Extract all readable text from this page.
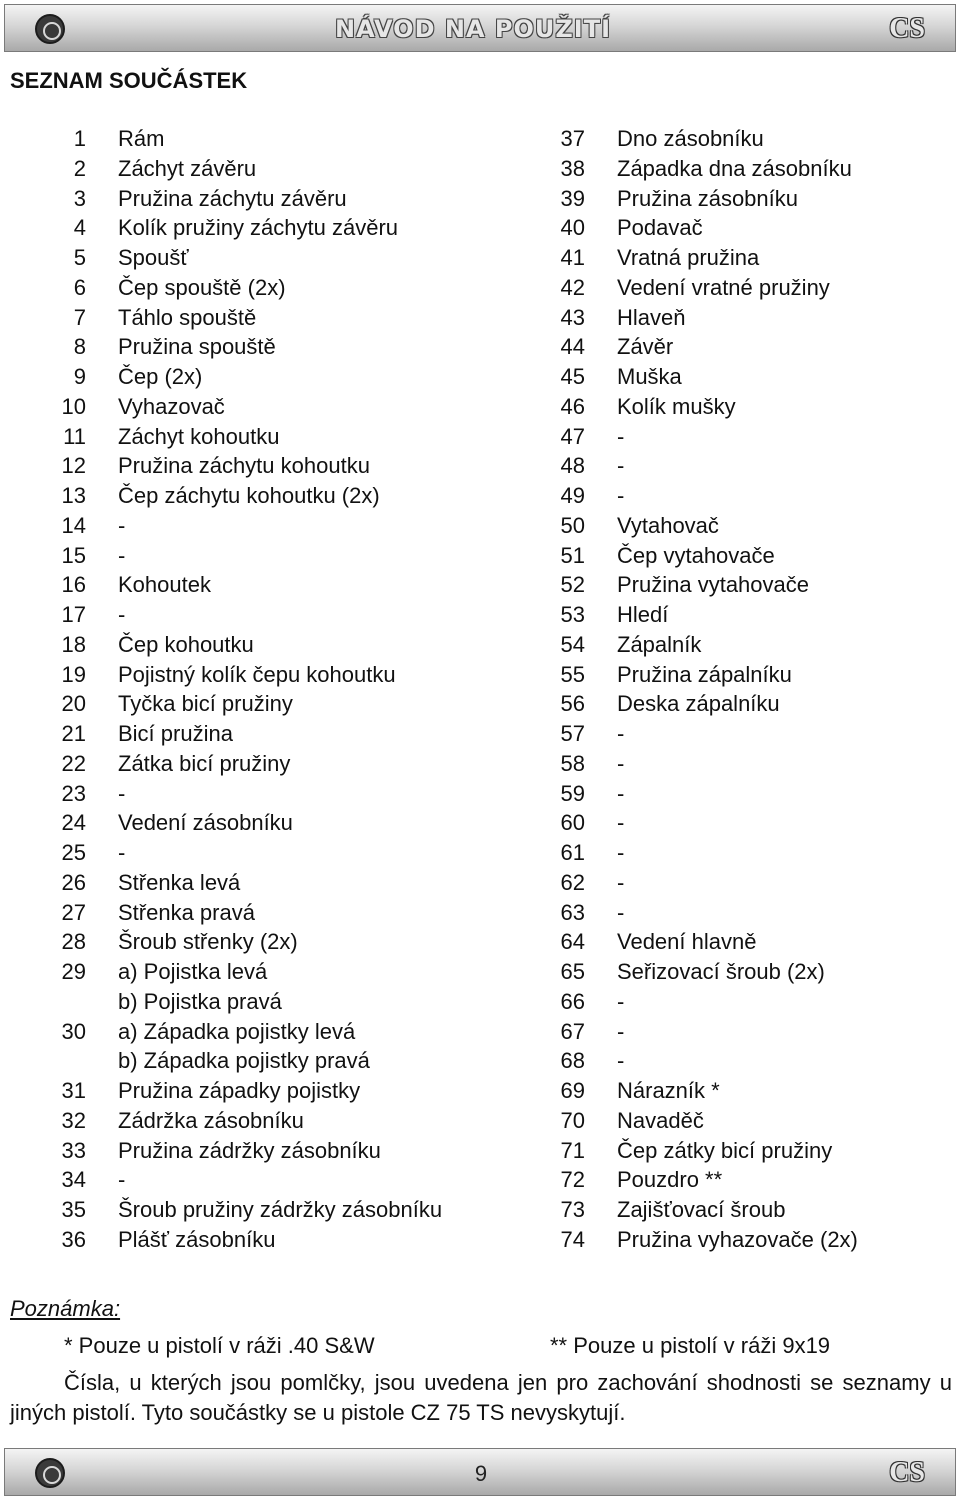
NÁVOD NA POUŽITÍ	CS
SEZNAM SOUČÁSTEK
1 Rám
2 Záchyt závěru
3 Pružina záchytu závěru
4 Kolík pružiny záchytu závěru
5 Spoušť
6 Čep spouště (2x)
7 Táhlo spouště
8 Pružina spouště
9 Čep (2x)
10 Vyhazovač
11 Záchyt kohoutku
12 Pružina záchytu kohoutku
13 Čep záchytu kohoutku (2x)
14 -
15 -
16 Kohoutek
17 -
18 Čep kohoutku
19 Pojistný kolík čepu kohoutku
20 Tyčka bicí pružiny
21 Bicí pružina
22 Zátka bicí pružiny
23 -
24 Vedení zásobníku
25 -
26 Střenka levá
27 Střenka pravá
28 Šroub střenky (2x)
29 a) Pojistka levá
b) Pojistka pravá
30 a) Západka pojistky levá
b) Západka pojistky pravá
31 Pružina západky pojistky
32 Zádržka zásobníku
33 Pružina zádržky zásobníku
34 -
35 Šroub pružiny zádržky zásobníku
36 Plášť zásobníku
37 Dno zásobníku
38 Západka dna zásobníku
39 Pružina zásobníku
40 Podavač
41 Vratná pružina
42 Vedení vratné pružiny
43 Hlaveň
44 Závěr
45 Muška
46 Kolík mušky
47 -
48 -
49 -
50 Vytahovač
51 Čep vytahovače
52 Pružina vytahovače
53 Hledí
54 Zápalník
55 Pružina zápalníku
56 Deska zápalníku
57 -
58 -
59 -
60 -
61 -
62 -
63 -
64 Vedení hlavně
65 Seřizovací šroub (2x)
66 -
67 -
68 -
69 Nárazník *
70 Navaděč
71 Čep zátky bicí pružiny
72 Pouzdro **
73 Zajišťovací šroub
74 Pružina vyhazovače (2x)
Poznámka:
* Pouze u pistolí v ráži .40 S&W	** Pouze u pistolí v ráži 9x19

Čísla, u kterých jsou pomlčky, jsou uvedena jen pro zachování shodnosti se seznamy u jiných pistolí. Tyto součástky se u pistole CZ 75 TS nevyskytují.

9	CS
